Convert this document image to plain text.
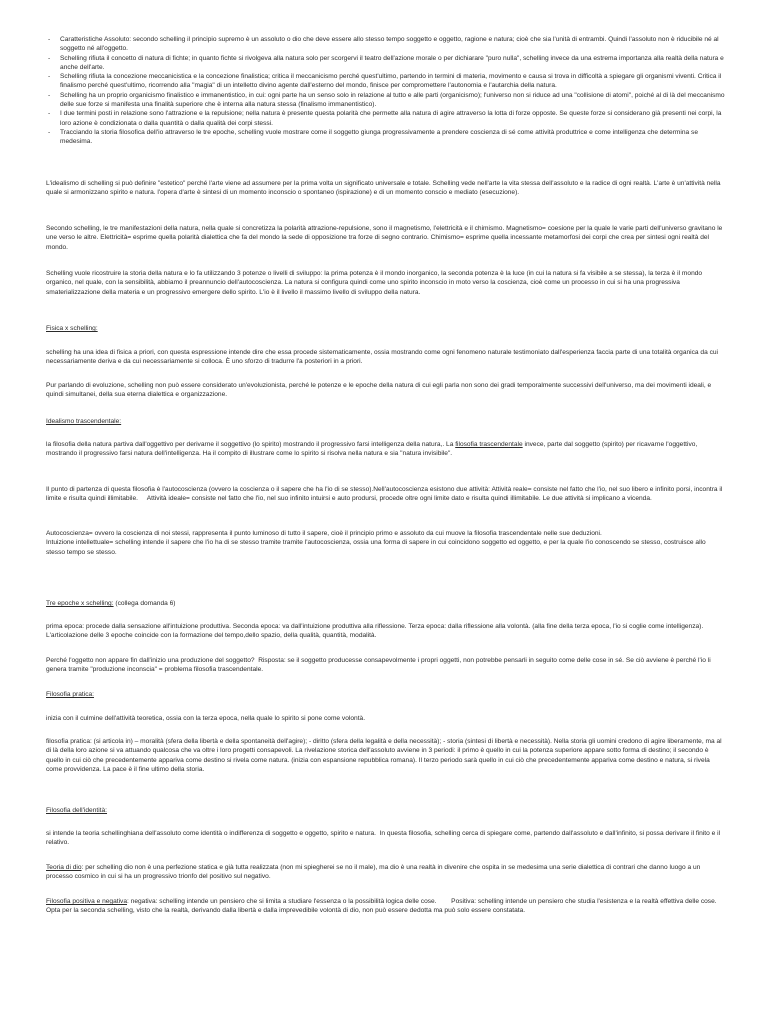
- Caratteristiche Assoluto: secondo schelling il principio supremo è un assoluto o dio che deve essere allo stesso tempo soggetto e oggetto, ragione e natura; cioè che sia l'unità di entrambi. Quindi l'assoluto non è riducibile né al soggetto né all'oggetto.
- Schelling rifiuta il concetto di natura di fichte; in quanto fichte si rivolgeva alla natura solo per scorgervi il teatro dell'azione morale o per dichiarare "puro nulla", schelling invece da una estrema importanza alla realtà della natura e anche dell'arte.
- Schelling rifiuta la concezione meccanicistica e la concezione finalistica; critica il meccanicismo perché quest'ultimo, partendo in termini di materia, movimento e causa si trova in difficoltà a spiegare gli organismi viventi. Critica il finalismo perché quest'ultimo, ricorrendo alla "magia" di un intelletto divino agente dall'esterno del mondo, finisce per compromettere l'autonomia e l'autarchia della natura.
- Schelling ha un proprio organicismo finalistico e immanentistico, in cui: ogni parte ha un senso solo in relazione al tutto e alle parti (organicismo); l'universo non si riduce ad una "collisione di atomi", poiché al di là del meccanismo delle sue forze si manifesta una finalità superiore che è interna alla natura stessa (finalismo immanentistico).
- I due termini posti in relazione sono l'attrazione e la repulsione; nella natura è presente questa polarità che permette alla natura di agire attraverso la lotta di forze opposte. Se queste forze si considerano già presenti nei corpi, la loro azione è condizionata o dalla quantità o dalla qualità dei corpi stessi.
- Tracciando la storia filosofica dell'io attraverso le tre epoche, schelling vuole mostrare come il soggetto giunga progressivamente a prendere coscienza di sé come attività produttrice e come intelligenza che determina se medesima.
L'idealismo di schelling si può definire "estetico" perché l'arte viene ad assumere per la prima volta un significato universale e totale. Schelling vede nell'arte la vita stessa dell'assoluto e la radice di ogni realtà. L'arte è un'attività nella quale si armonizzano spirito e natura. l'opera d'arte è sintesi di un momento inconscio o spontaneo (ispirazione) e di un momento conscio e mediato (esecuzione).
Secondo schelling, le tre manifestazioni della natura, nella quale si concretizza la polarità attrazione-repulsione, sono il magnetismo, l'elettricità e il chimismo. Magnetismo= coesione per la quale le varie parti dell'universo gravitano le une verso le altre. Elettricità= esprime quella polarità dialettica che fa del mondo la sede di opposizione tra forze di segno contrario. Chimismo= esprime quella incessante metamorfosi dei corpi che crea per sintesi ogni realtà del mondo.
Schelling vuole ricostruire la storia della natura e lo fa utilizzando 3 potenze o livelli di sviluppo: la prima potenza è il mondo inorganico, la seconda potenza è la luce (in cui la natura si fa visibile a se stessa), la terza è il mondo organico, nel quale, con la sensibilità, abbiamo il preannuncio dell'autocoscienza. La natura si configura quindi come uno spirito inconscio in moto verso la coscienza, cioè come un processo in cui si ha una progressiva smaterializzazione della materia e un progressivo emergere dello spirito. L'io è il livello il massimo livello di sviluppo della natura.
Fisica x schelling:
schelling ha una idea di fisica a priori, con questa espressione intende dire che essa procede sistematicamente, ossia mostrando come ogni fenomeno naturale testimoniato dall'esperienza faccia parte di una totalità organica da cui necessariamente deriva e da cui necessariamente si colloca. È uno sforzo di tradurre l'a posteriori in a priori.
Pur parlando di evoluzione, schelling non può essere considerato un'evoluzionista, perché le potenze e le epoche della natura di cui egli parla non sono dei gradi temporalmente successivi dell'universo, ma dei movimenti ideali, e quindi simultanei, della sua eterna dialettica e organizzazione.
Idealismo trascendentale:
la filosofia della natura partiva dall'oggettivo per derivarne il soggettivo (lo spirito) mostrando il progressivo farsi intelligenza della natura,. La filosofia trascendentale invece, parte dal soggetto (spirito) per ricavarne l'oggettivo, mostrando il progressivo farsi natura dell'intelligenza. Ha il compito di illustrare come lo spirito si risolva nella natura e sia "natura invisibile".
Il punto di partenza di questa filosofia è l'autocoscienza (ovvero la coscienza o il sapere che ha l'io di se stesso).Nell'autocoscienza esistono due attività: Attività reale= consiste nel fatto che l'io, nel suo libero e infinito porsi, incontra il limite e risulta quindi illimitabile.     Attività ideale= consiste nel fatto che l'io, nel suo infinito intuirsi e auto prodursi, procede oltre ogni limite dato e risulta quindi illimitabile. Le due attività si implicano a vicenda.
Autocoscienza= ovvero la coscienza di noi stessi, rappresenta il punto luminoso di tutto il sapere, cioè il principio primo e assoluto da cui muove la filosofia trascendentale nelle sue deduzioni.                                                                  Intuizione intellettuale= schelling intende il sapere che l'io ha di se stesso tramite tramite l'autocoscienza, ossia una forma di sapere in cui coincidono soggetto ed oggetto, e per la quale l'io conoscendo se stesso, costruisce allo stesso tempo se stesso.
Tre epoche x schelling: (collega domanda 6)
prima epoca: procede dalla sensazione all'intuizione produttiva. Seconda epoca: va dall'intuizione produttiva alla riflessione. Terza epoca: dalla riflessione alla volontà. (alla fine della terza epoca, l'io si coglie come intelligenza). L'articolazione delle 3 epoche coincide con la formazione del tempo,dello spazio, della qualità, quantità, modalità.
Perché l'oggetto non appare fin dall'inizio una produzione del soggetto?  Risposta: se il soggetto producesse consapevolmente i propri oggetti, non potrebbe pensarli in seguito come delle cose in sé. Se ciò avviene è perché l'io li genera tramite "produzione inconscia" = problema filosofia trascendentale.
Filosofia pratica:
inizia con il culmine dell'attività teoretica, ossia con la terza epoca, nella quale lo spirito si pone come volontà.
filosofia pratica: (si articola in) – moralità (sfera della libertà e della spontaneità dell'agire); - diritto (sfera della legalità e della necessità); - storia (sintesi di libertà e necessità). Nella storia gli uomini credono di agire liberamente, ma al di là della loro azione si va attuando qualcosa che va oltre i loro progetti consapevoli. La rivelazione storica dell'assoluto avviene in 3 periodi: il primo è quello in cui la potenza superiore appare sotto forma di destino; il secondo è quello in cui ciò che precedentemente appariva come destino si rivela come natura. (inizia con espansione repubblica romana). Il terzo periodo sarà quello in cui ciò che precedentemente appariva come destino e natura, si rivela come provvidenza. La pace è il fine ultimo della storia.
Filosofia dell'identità:
si intende la teoria schellinghiana dell'assoluto come identità o indifferenza di soggetto e oggetto, spirito e natura.  In questa filosofia, schelling cerca di spiegare come, partendo dall'assoluto e dall'infinito, si possa derivare il finito e il relativo.
Teoria di dio: per schelling dio non è una perfezione statica e già tutta realizzata (non mi spiegherei se no il male), ma dio è una realtà in divenire che ospita in se medesima una serie dialettica di contrari che danno luogo a un processo cosmico in cui si ha un progressivo trionfo del positivo sul negativo.
Filosofia positiva e negativa: negativa: schelling intende un pensiero che si limita a studiare l'essenza o la possibilità logica delle cose.        Positiva: schelling intende un pensiero che studia l'esistenza e la realtà effettiva delle cose. Opta per la seconda schelling, visto che la realtà, derivando dalla libertà e dalla imprevedibile volontà di dio, non può essere dedotta ma può solo essere constatata.
